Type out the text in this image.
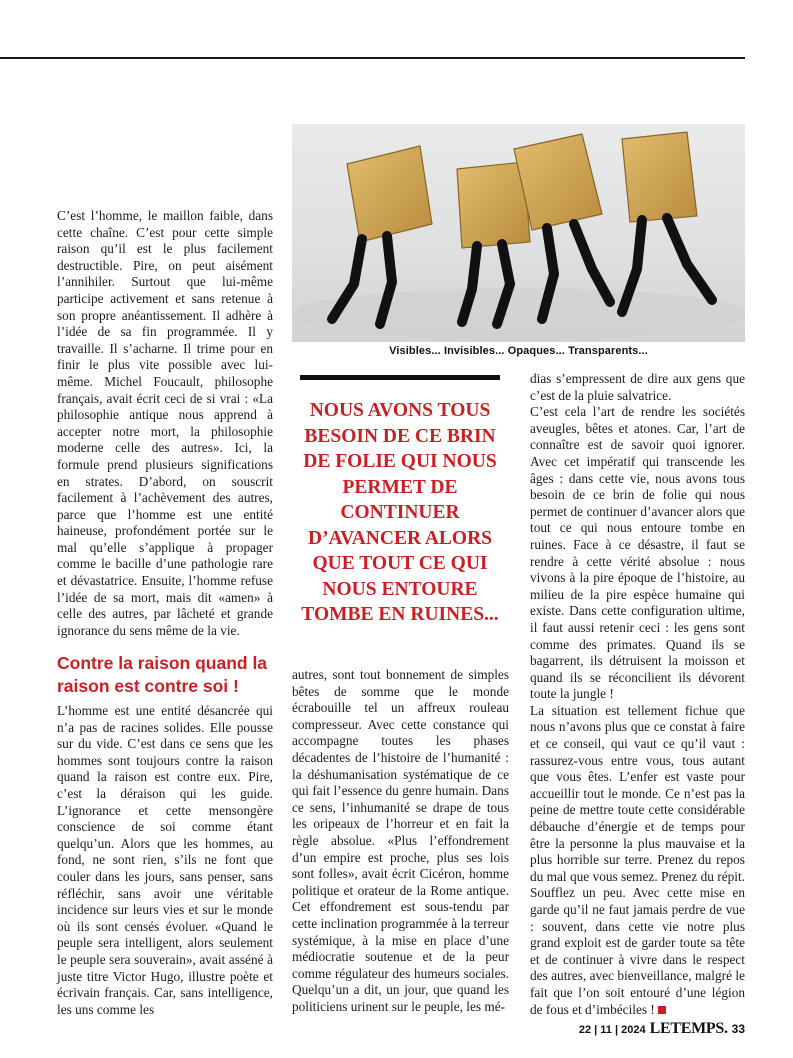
Visibles... Invisibles... Opaques... Transparents...

C’est l’homme, le maillon faible, dans cette chaîne. C’est pour cette simple raison qu’il est le plus facilement destructible. Pire, on peut aisément l’annihiler. Surtout que lui-même participe activement et sans retenue à son propre anéantissement. Il adhère à l’idée de sa fin programmée. Il y travaille. Il s’acharne. Il trime pour en finir le plus vite possible avec lui-même. Michel Foucault, philosophe français, avait écrit ceci de si vrai : «La philosophie antique nous apprend à accepter notre mort, la philosophie moderne celle des autres». Ici, la formule prend plusieurs significations en strates. D’abord, on souscrit facilement à l’achèvement des autres, parce que l’homme est une entité haineuse, profondément portée sur le mal qu’elle s’applique à propager comme le bacille d’une pathologie rare et dévastatrice. Ensuite, l’homme refuse l’idée de sa mort, mais dit «amen» à celle des autres, par lâcheté et grande ignorance du sens même de la vie.

Contre la raison quand la raison est contre soi !

L’homme est une entité désancrée qui n’a pas de racines solides. Elle pousse sur du vide. C’est dans ce sens que les hommes sont toujours contre la raison quand la raison est contre eux. Pire, c’est la déraison qui les guide. L’ignorance et cette mensongère conscience de soi comme étant quelqu’un. Alors que les hommes, au fond, ne sont rien, s’ils ne font que couler dans les jours, sans penser, sans réfléchir, sans avoir une véritable incidence sur leurs vies et sur le monde où ils sont censés évoluer. «Quand le peuple sera intelligent, alors seulement le peuple sera souverain», avait asséné à juste titre Victor Hugo, illustre poète et écrivain français. Car, sans intelligence, les uns comme les

NOUS AVONS TOUS BESOIN DE CE BRIN DE FOLIE QUI NOUS PERMET DE CONTINUER D’AVANCER ALORS QUE TOUT CE QUI NOUS ENTOURE TOMBE EN RUINES...

autres, sont tout bonnement de simples bêtes de somme que le monde écrabouille tel un affreux rouleau compresseur. Avec cette constance qui accompagne toutes les phases décadentes de l’histoire de l’humanité : la déshumanisation systématique de ce qui fait l’essence du genre humain. Dans ce sens, l’inhumanité se drape de tous les oripeaux de l’horreur et en fait la règle absolue. «Plus l’effondrement d’un empire est proche, plus ses lois sont folles», avait écrit Cicéron, homme politique et orateur de la Rome antique. Cet effondrement est sous-tendu par cette inclination programmée à la terreur systémique, à la mise en place d’une médiocratie soutenue et de la peur comme régulateur des humeurs sociales. Quelqu’un a dit, un jour, que quand les politiciens urinent sur le peuple, les mé-

dias s’empressent de dire aux gens que c’est de la pluie salvatrice.

C’est cela l’art de rendre les sociétés aveugles, bêtes et atones. Car, l’art de connaître est de savoir quoi ignorer. Avec cet impératif qui transcende les âges : dans cette vie, nous avons tous besoin de ce brin de folie qui nous permet de continuer d’avancer alors que tout ce qui nous entoure tombe en ruines. Face à ce désastre, il faut se rendre à cette vérité absolue : nous vivons à la pire époque de l’histoire, au milieu de la pire espèce humaine qui existe. Dans cette configuration ultime, il faut aussi retenir ceci : les gens sont comme des primates. Quand ils se bagarrent, ils détruisent la moisson et quand ils se réconcilient ils dévorent toute la jungle !

La situation est tellement fichue que nous n’avons plus que ce constat à faire et ce conseil, qui vaut ce qu’il vaut : rassurez-vous entre vous, tous autant que vous êtes. L’enfer est vaste pour accueillir tout le monde. Ce n’est pas la peine de mettre toute cette considérable débauche d’énergie et de temps pour être la personne la plus mauvaise et la plus horrible sur terre. Prenez du repos du mal que vous semez. Prenez du répit. Soufflez un peu. Avec cette mise en garde qu’il ne faut jamais perdre de vue : souvent, dans cette vie notre plus grand exploit est de garder toute sa tête et de continuer à vivre dans le respect des autres, avec bienveillance, malgré le fait que l’on soit entouré d’une légion de fous et d’imbéciles !

22 | 11 | 2024 LETEMPS. 33
